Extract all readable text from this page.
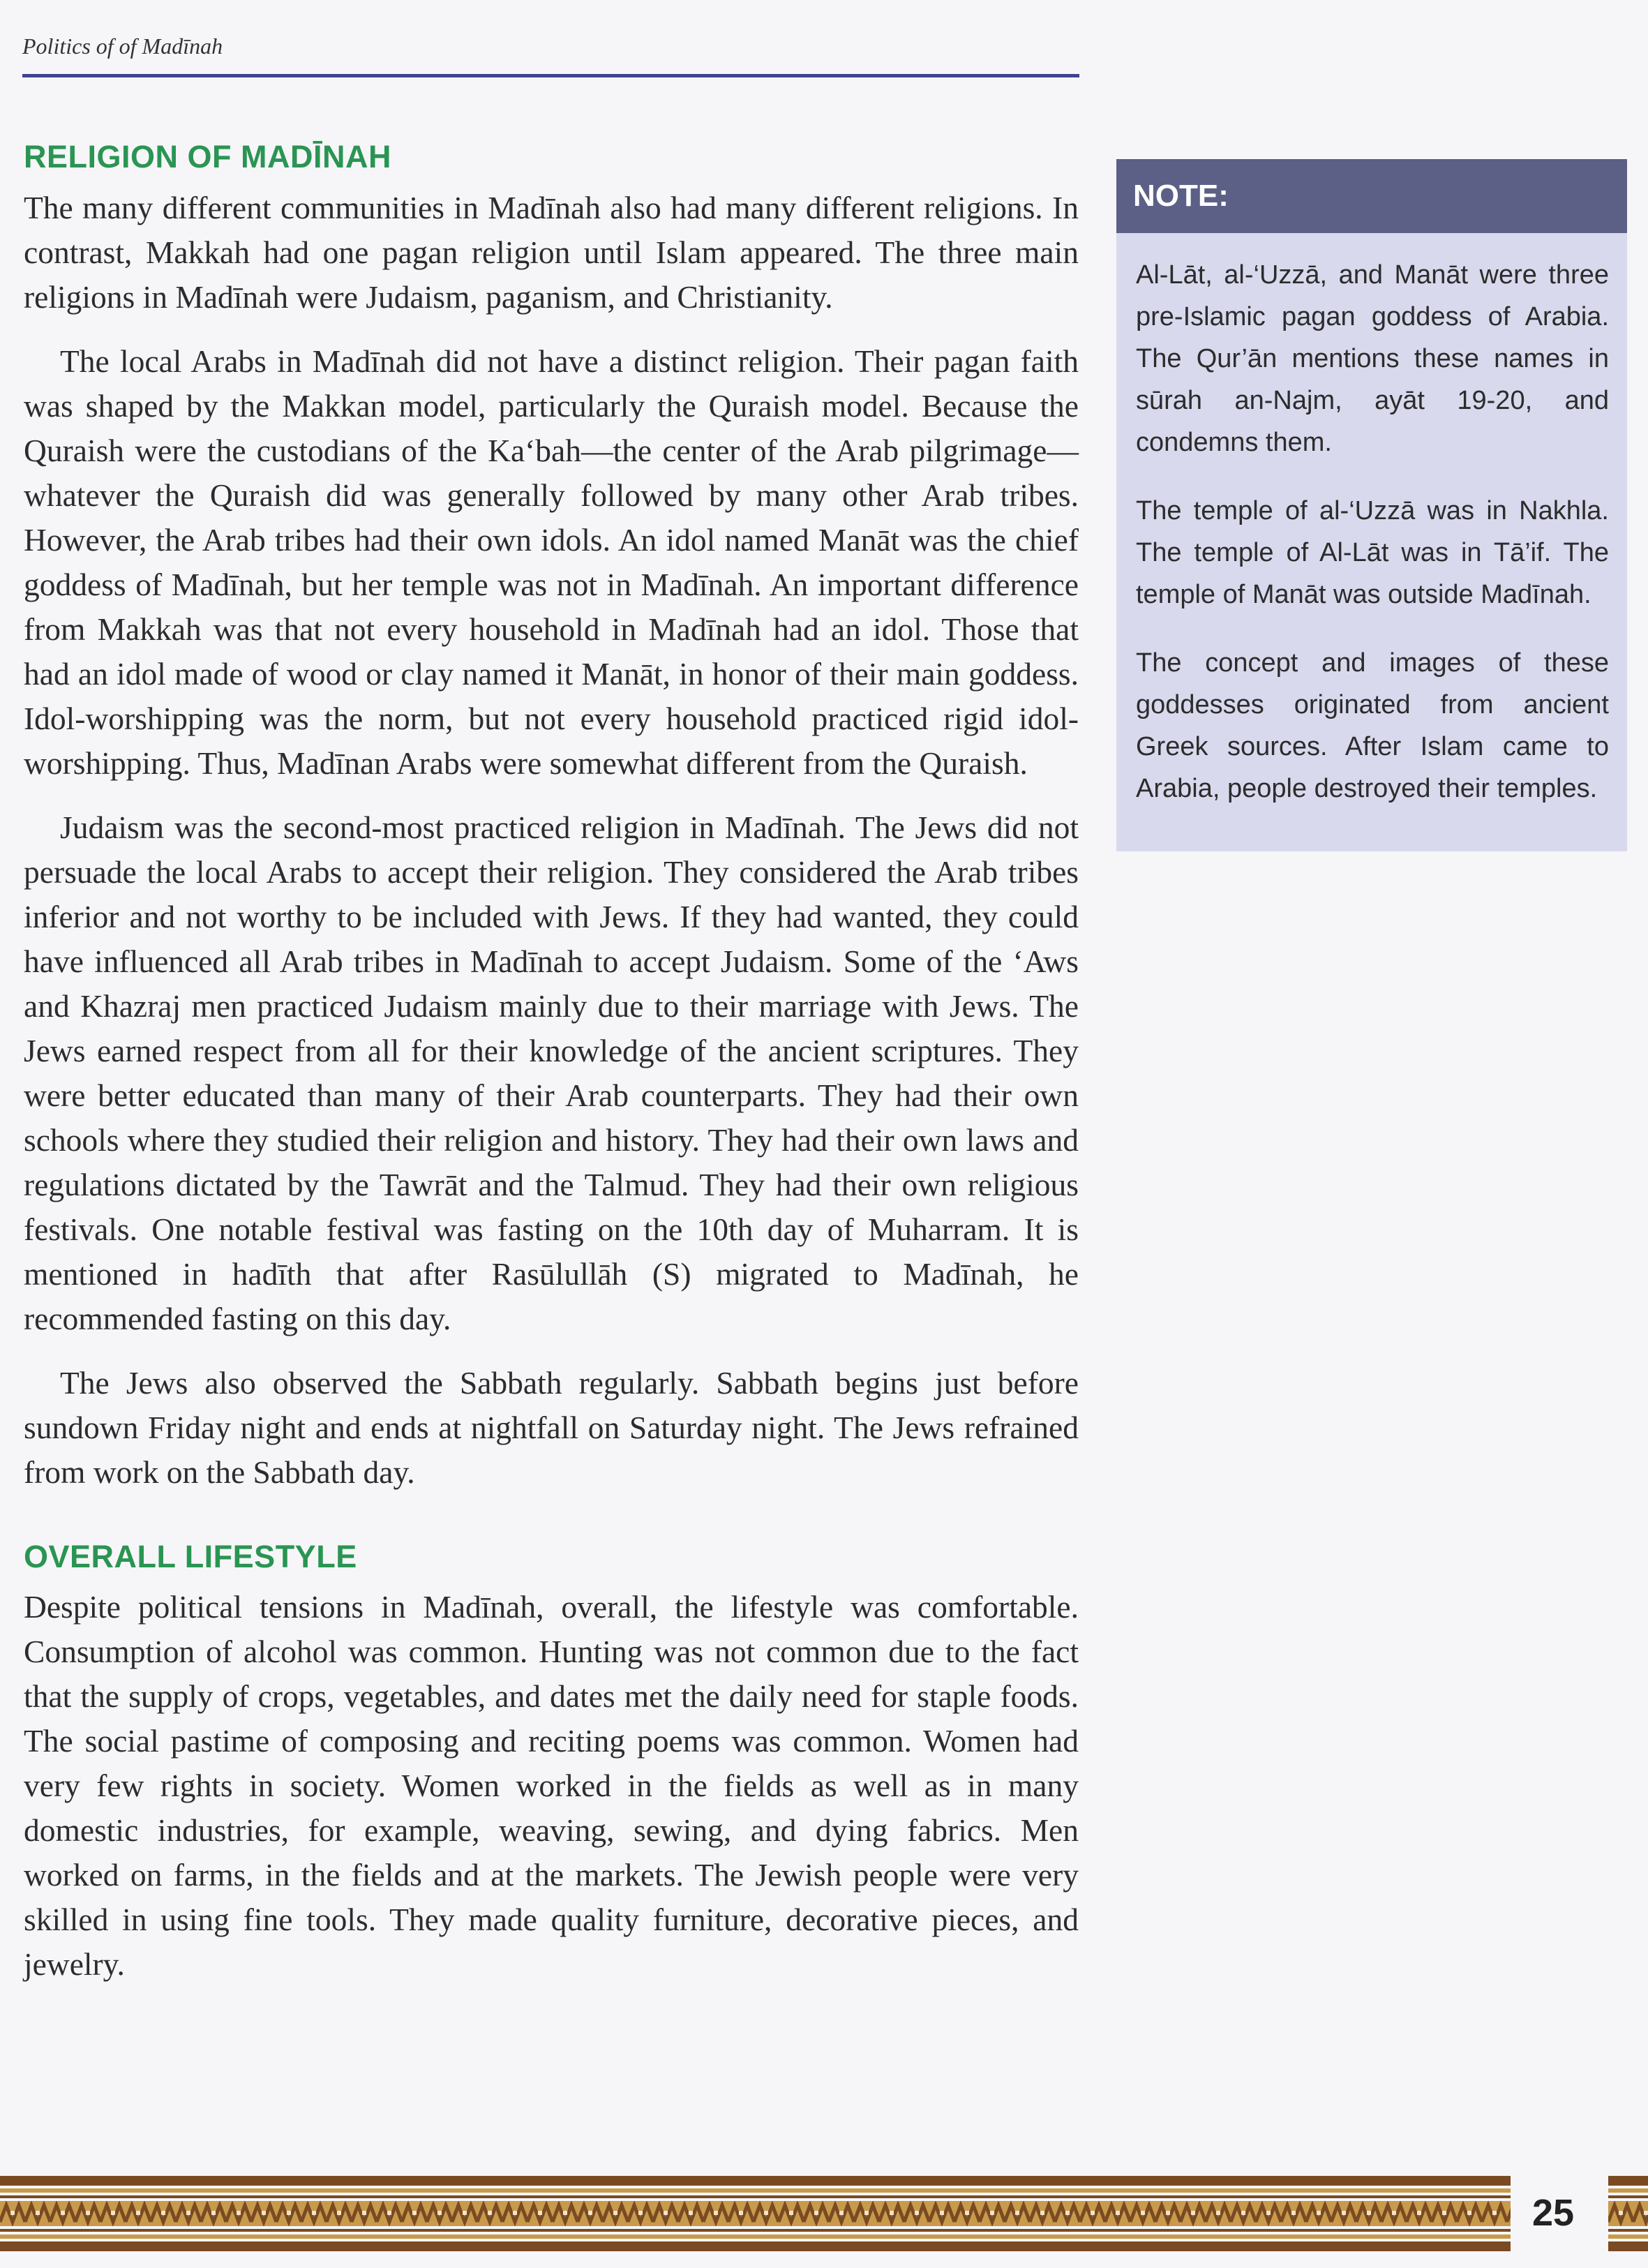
Politics of of Madīnah
RELIGION OF MADĪNAH

The many different communities in Madīnah also had many different religions. In contrast, Makkah had one pagan religion until Islam appeared. The three main religions in Madīnah were Judaism, paganism, and Christianity.

The local Arabs in Madīnah did not have a distinct religion. Their pagan faith was shaped by the Makkan model, particularly the Quraish model. Because the Quraish were the custodians of the Ka‘bah—the center of the Arab pilgrimage—whatever the Quraish did was generally followed by many other Arab tribes. However, the Arab tribes had their own idols. An idol named Manāt was the chief goddess of Madīnah, but her temple was not in Madīnah. An important difference from Makkah was that not every household in Madīnah had an idol. Those that had an idol made of wood or clay named it Manāt, in honor of their main goddess. Idol-worshipping was the norm, but not every household practiced rigid idol-worshipping. Thus, Madīnan Arabs were somewhat different from the Quraish.

Judaism was the second-most practiced religion in Madīnah. The Jews did not persuade the local Arabs to accept their religion. They considered the Arab tribes inferior and not worthy to be included with Jews. If they had wanted, they could have influenced all Arab tribes in Madīnah to accept Judaism. Some of the ‘Aws and Khazraj men practiced Judaism mainly due to their marriage with Jews. The Jews earned respect from all for their knowledge of the ancient scriptures. They were better educated than many of their Arab counterparts. They had their own schools where they studied their religion and history. They had their own laws and regulations dictated by the Tawrāt and the Talmud. They had their own religious festivals. One notable festival was fasting on the 10th day of Muharram. It is mentioned in hadīth that after Rasūlullāh (S) migrated to Madīnah, he recommended fasting on this day.

The Jews also observed the Sabbath regularly. Sabbath begins just before sundown Friday night and ends at nightfall on Saturday night. The Jews refrained from work on the Sabbath day.

OVERALL LIFESTYLE

Despite political tensions in Madīnah, overall, the lifestyle was comfortable. Consumption of alcohol was common. Hunting was not common due to the fact that the supply of crops, vegetables, and dates met the daily need for staple foods. The social pastime of composing and reciting poems was common. Women had very few rights in society. Women worked in the fields as well as in many domestic industries, for example, weaving, sewing, and dying fabrics. Men worked on farms, in the fields and at the markets. The Jewish people were very skilled in using fine tools. They made quality furniture, decorative pieces, and jewelry.

NOTE:

Al-Lāt, al-‘Uzzā, and Manāt were three pre-Islamic pagan goddess of Arabia. The Qur’ān mentions these names in sūrah an-Najm, ayāt 19-20, and condemns them.

The temple of al-‘Uzzā was in Nakhla. The temple of Al-Lāt was in Tā’if. The temple of Manāt was outside Madīnah.

The concept and images of these goddesses originated from ancient Greek sources. After Islam came to Arabia, people destroyed their temples.

25
